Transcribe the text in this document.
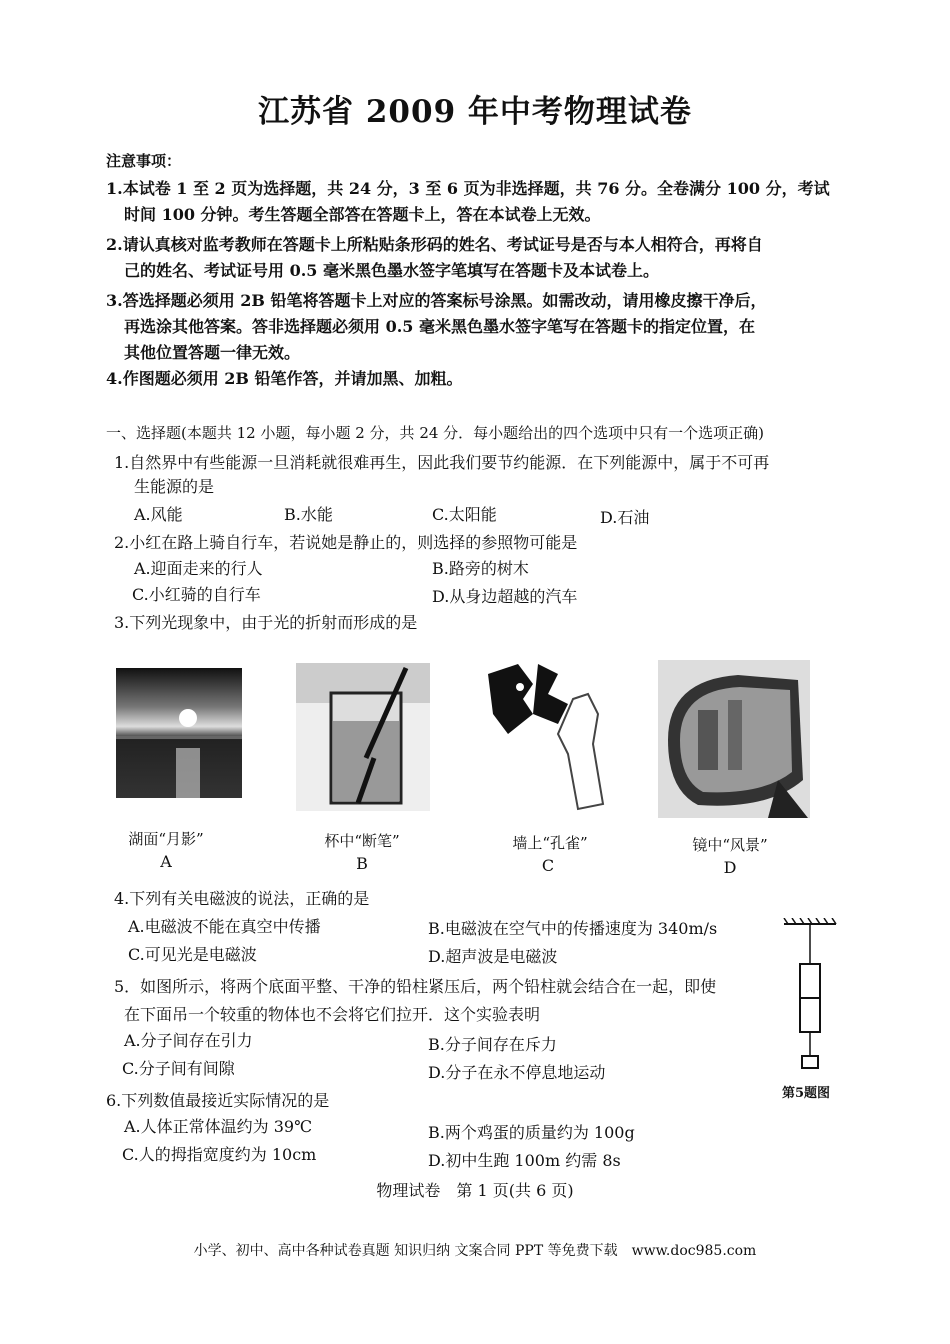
江苏省 2009 年中考物理试卷
注意事项：
1.本试卷 1 至 2 页为选择题，共 24 分，3 至 6 页为非选择题，共 76 分。全卷满分 100 分，考试
时间 100 分钟。考生答题全部答在答题卡上，答在本试卷上无效。
2.请认真核对监考教师在答题卡上所粘贴条形码的姓名、考试证号是否与本人相符合，再将自
己的姓名、考试证号用 0.5 毫米黑色墨水签字笔填写在答题卡及本试卷上。
3.答选择题必须用 2B 铅笔将答题卡上对应的答案标号涂黑。如需改动，请用橡皮擦干净后，
再选涂其他答案。答非选择题必须用 0.5 毫米黑色墨水签字笔写在答题卡的指定位置，在
其他位置答题一律无效。
4.作图题必须用 2B 铅笔作答，并请加黑、加粗。
一、选择题(本题共 12 小题，每小题 2 分，共 24 分．每小题给出的四个选项中只有一个选项正确)
1.自然界中有些能源一旦消耗就很难再生，因此我们要节约能源．在下列能源中，属于不可再
生能源的是
A.风能	B.水能	C.太阳能	D.石油
2.小红在路上骑自行车，若说她是静止的，则选择的参照物可能是
A.迎面走来的行人	B.路旁的树木
C.小红骑的自行车	D.从身边超越的汽车
3.下列光现象中，由于光的折射而形成的是
湖面“月影”	杯中“断笔”	墙上“孔雀”	镜中“风景”
A	B	C	D
4.下列有关电磁波的说法，正确的是
A.电磁波不能在真空中传播	B.电磁波在空气中的传播速度为 340m/s
C.可见光是电磁波	D.超声波是电磁波
5．如图所示，将两个底面平整、干净的铅柱紧压后，两个铅柱就会结合在一起，即使
在下面吊一个较重的物体也不会将它们拉开．这个实验表明
A.分子间存在引力	B.分子间存在斥力
C.分子间有间隙	D.分子在永不停息地运动
第5题图
6.下列数值最接近实际情况的是
A.人体正常体温约为 39℃	B.两个鸡蛋的质量约为 100g
C.人的拇指宽度约为 10cm	D.初中生跑 100m 约需 8s
物理试卷　第 1 页(共 6 页)
小学、初中、高中各种试卷真题 知识归纳 文案合同 PPT 等免费下载　www.doc985.com
